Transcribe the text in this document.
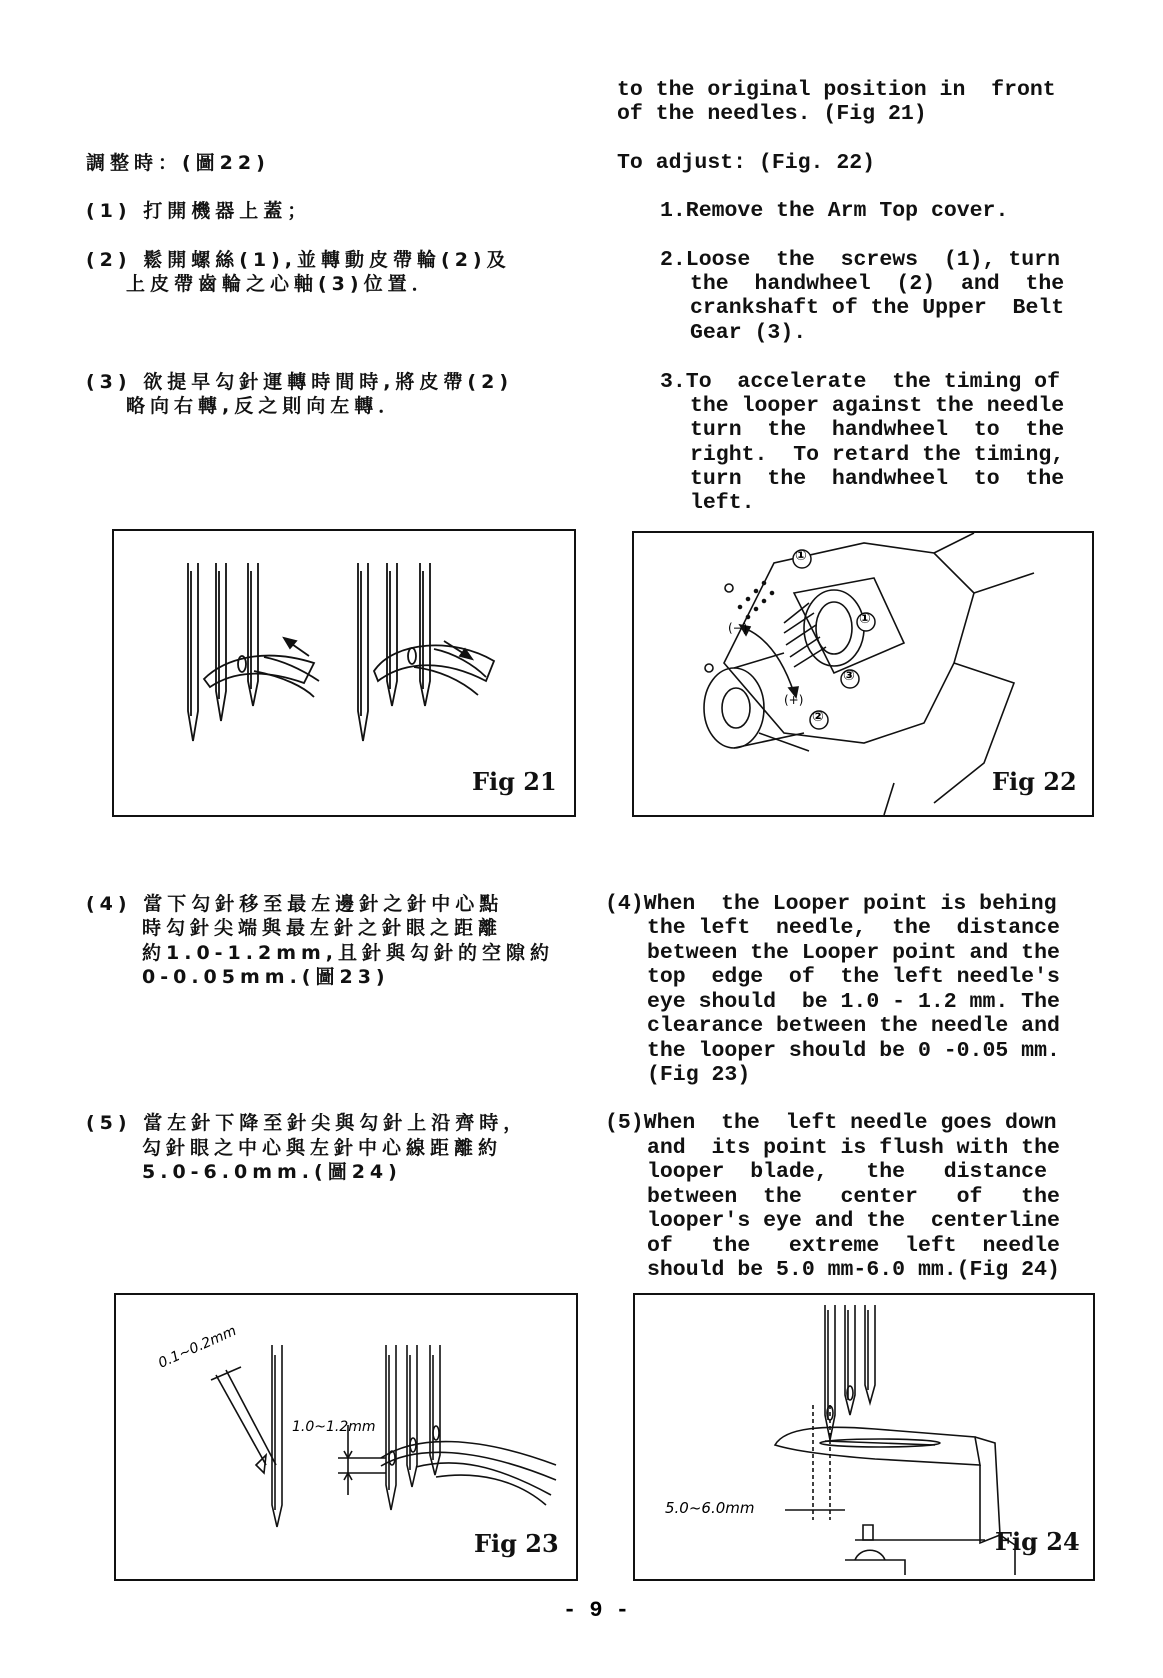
to the original position in  front
of the needles. (Fig 21)
To adjust: (Fig. 22)
1.Remove the Arm Top cover.
2.Loose  the  screws  (1), turn
the  handwheel  (2)  and  the
crankshaft of the Upper  Belt
Gear (3).
3.To  accelerate  the timing of
the looper against the needle
turn  the  handwheel  to  the
right.  To retard the timing,
turn  the  handwheel  to  the
left.
調整時：(圖22)
(1) 打開機器上蓋；
(2) 鬆開螺絲(1),並轉動皮帶輪(2)及
上皮帶齒輪之心軸(3)位置．
(3) 欲提早勾針運轉時間時,將皮帶(2)
略向右轉,反之則向左轉．
Fig 21
①
①
②
③
(−)
(+)
Fig 22
(4) 當下勾針移至最左邊針之針中心點
時勾針尖端與最左針之針眼之距離
約1.0-1.2mm,且針與勾針的空隙約
0-0.05mm.(圖23)
(5) 當左針下降至針尖與勾針上沿齊時，
勾針眼之中心與左針中心線距離約
5.0-6.0mm.(圖24)
(4)When  the Looper point is behing
the left  needle,  the  distance
between the Looper point and the
top  edge  of  the left needle's
eye should  be 1.0 - 1.2 mm. The
clearance between the needle and
the looper should be 0 -0.05 mm.
(Fig 23)
(5)When  the  left needle goes down
and  its point is flush with the
looper  blade,   the   distance
between  the   center   of   the
looper's eye and the  centerline
of   the   extreme  left  needle
should be 5.0 mm-6.0 mm.(Fig 24)
0.1~0.2mm
1.0~1.2mm
Fig 23
5.0~6.0mm
Fig 24
- 9 -
